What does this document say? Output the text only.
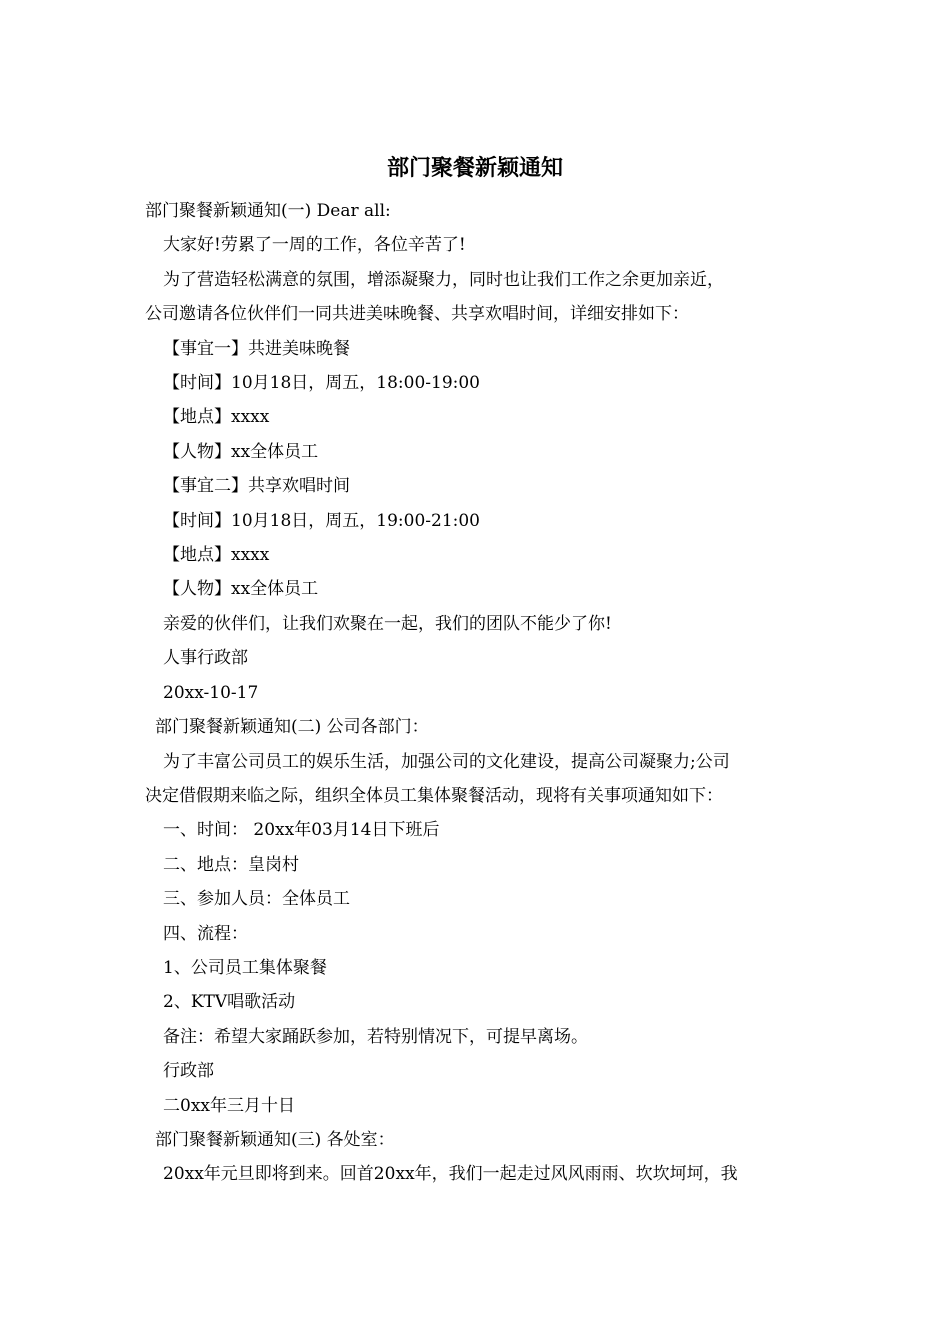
部门聚餐新颖通知

部门聚餐新颖通知(一) Dear all:

大家好!劳累了一周的工作，各位辛苦了!

为了营造轻松满意的氛围，增添凝聚力，同时也让我们工作之余更加亲近，

公司邀请各位伙伴们一同共进美味晚餐、共享欢唱时间，详细安排如下：

【事宜一】共进美味晚餐

【时间】10月18日，周五，18:00-19:00

【地点】xxxx

【人物】xx全体员工

【事宜二】共享欢唱时间

【时间】10月18日，周五，19:00-21:00

【地点】xxxx

【人物】xx全体员工

亲爱的伙伴们，让我们欢聚在一起，我们的团队不能少了你!

人事行政部

20xx-10-17

部门聚餐新颖通知(二) 公司各部门：

为了丰富公司员工的娱乐生活，加强公司的文化建设，提高公司凝聚力;公司

决定借假期来临之际，组织全体员工集体聚餐活动，现将有关事项通知如下：

一、时间： 20xx年03月14日下班后

二、地点：皇岗村

三、参加人员：全体员工

四、流程：

1、公司员工集体聚餐

2、KTV唱歌活动

备注：希望大家踊跃参加，若特别情况下，可提早离场。

行政部

二0xx年三月十日

部门聚餐新颖通知(三) 各处室：

20xx年元旦即将到来。回首20xx年，我们一起走过风风雨雨、坎坎坷坷，我
